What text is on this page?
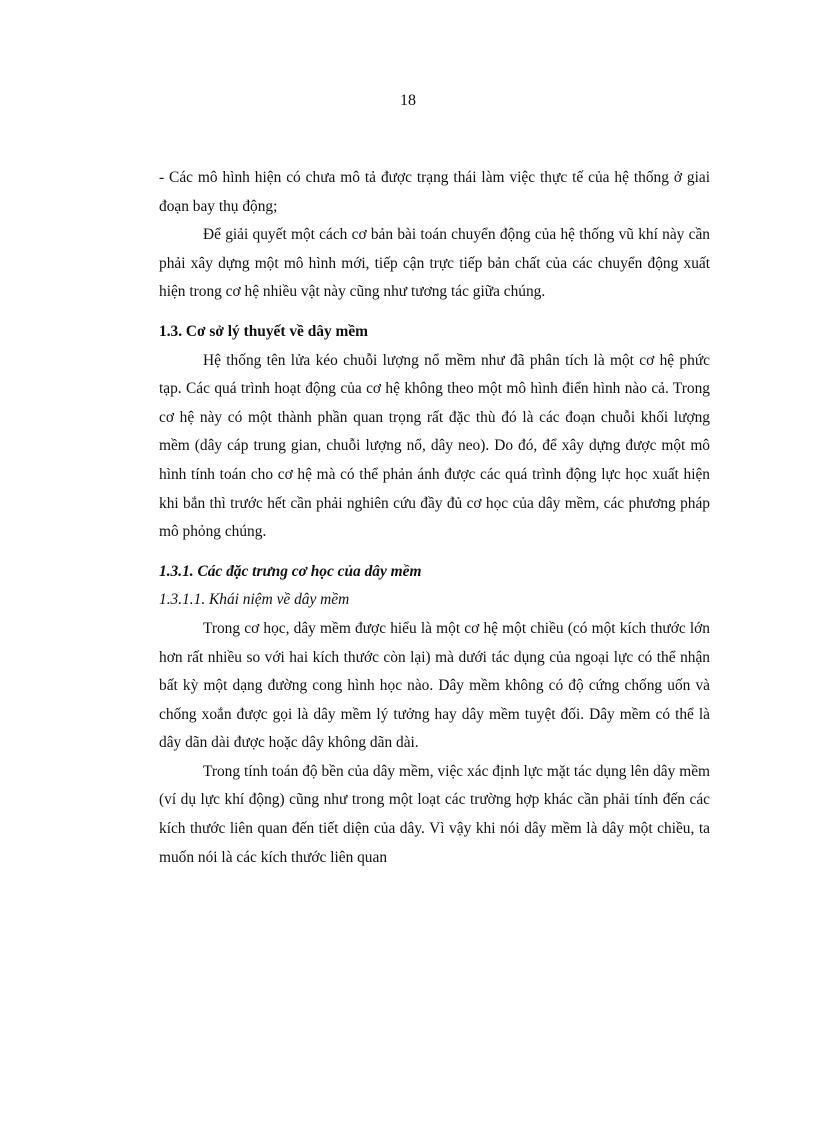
18

- Các mô hình hiện có chưa mô tả được trạng thái làm việc thực tế của hệ thống ở giai đoạn bay thụ động;

Để giải quyết một cách cơ bản bài toán chuyển động của hệ thống vũ khí này cần phải xây dựng một mô hình mới, tiếp cận trực tiếp bản chất của các chuyển động xuất hiện trong cơ hệ nhiều vật này cũng như tương tác giữa chúng.

1.3. Cơ sở lý thuyết về dây mềm

Hệ thống tên lửa kéo chuỗi lượng nổ mềm như đã phân tích là một cơ hệ phức tạp. Các quá trình hoạt động của cơ hệ không theo một mô hình điển hình nào cả. Trong cơ hệ này có một thành phần quan trọng rất đặc thù đó là các đoạn chuỗi khối lượng mềm (dây cáp trung gian, chuỗi lượng nổ, dây neo). Do đó, để xây dựng được một mô hình tính toán cho cơ hệ mà có thể phản ánh được các quá trình động lực học xuất hiện khi bắn thì trước hết cần phải nghiên cứu đầy đủ cơ học của dây mềm, các phương pháp mô phỏng chúng.

1.3.1. Các đặc trưng cơ học của dây mềm

1.3.1.1. Khái niệm về dây mềm

Trong cơ học, dây mềm được hiểu là một cơ hệ một chiều (có một kích thước lớn hơn rất nhiều so với hai kích thước còn lại) mà dưới tác dụng của ngoại lực có thể nhận bất kỳ một dạng đường cong hình học nào. Dây mềm không có độ cứng chống uốn và chống xoắn được gọi là dây mềm lý tưởng hay dây mềm tuyệt đối. Dây mềm có thể là dây dãn dài được hoặc dây không dãn dài.

Trong tính toán độ bền của dây mềm, việc xác định lực mặt tác dụng lên dây mềm (ví dụ lực khí động) cũng như trong một loạt các trường hợp khác cần phải tính đến các kích thước liên quan đến tiết diện của dây. Vì vậy khi nói dây mềm là dây một chiều, ta muốn nói là các kích thước liên quan
